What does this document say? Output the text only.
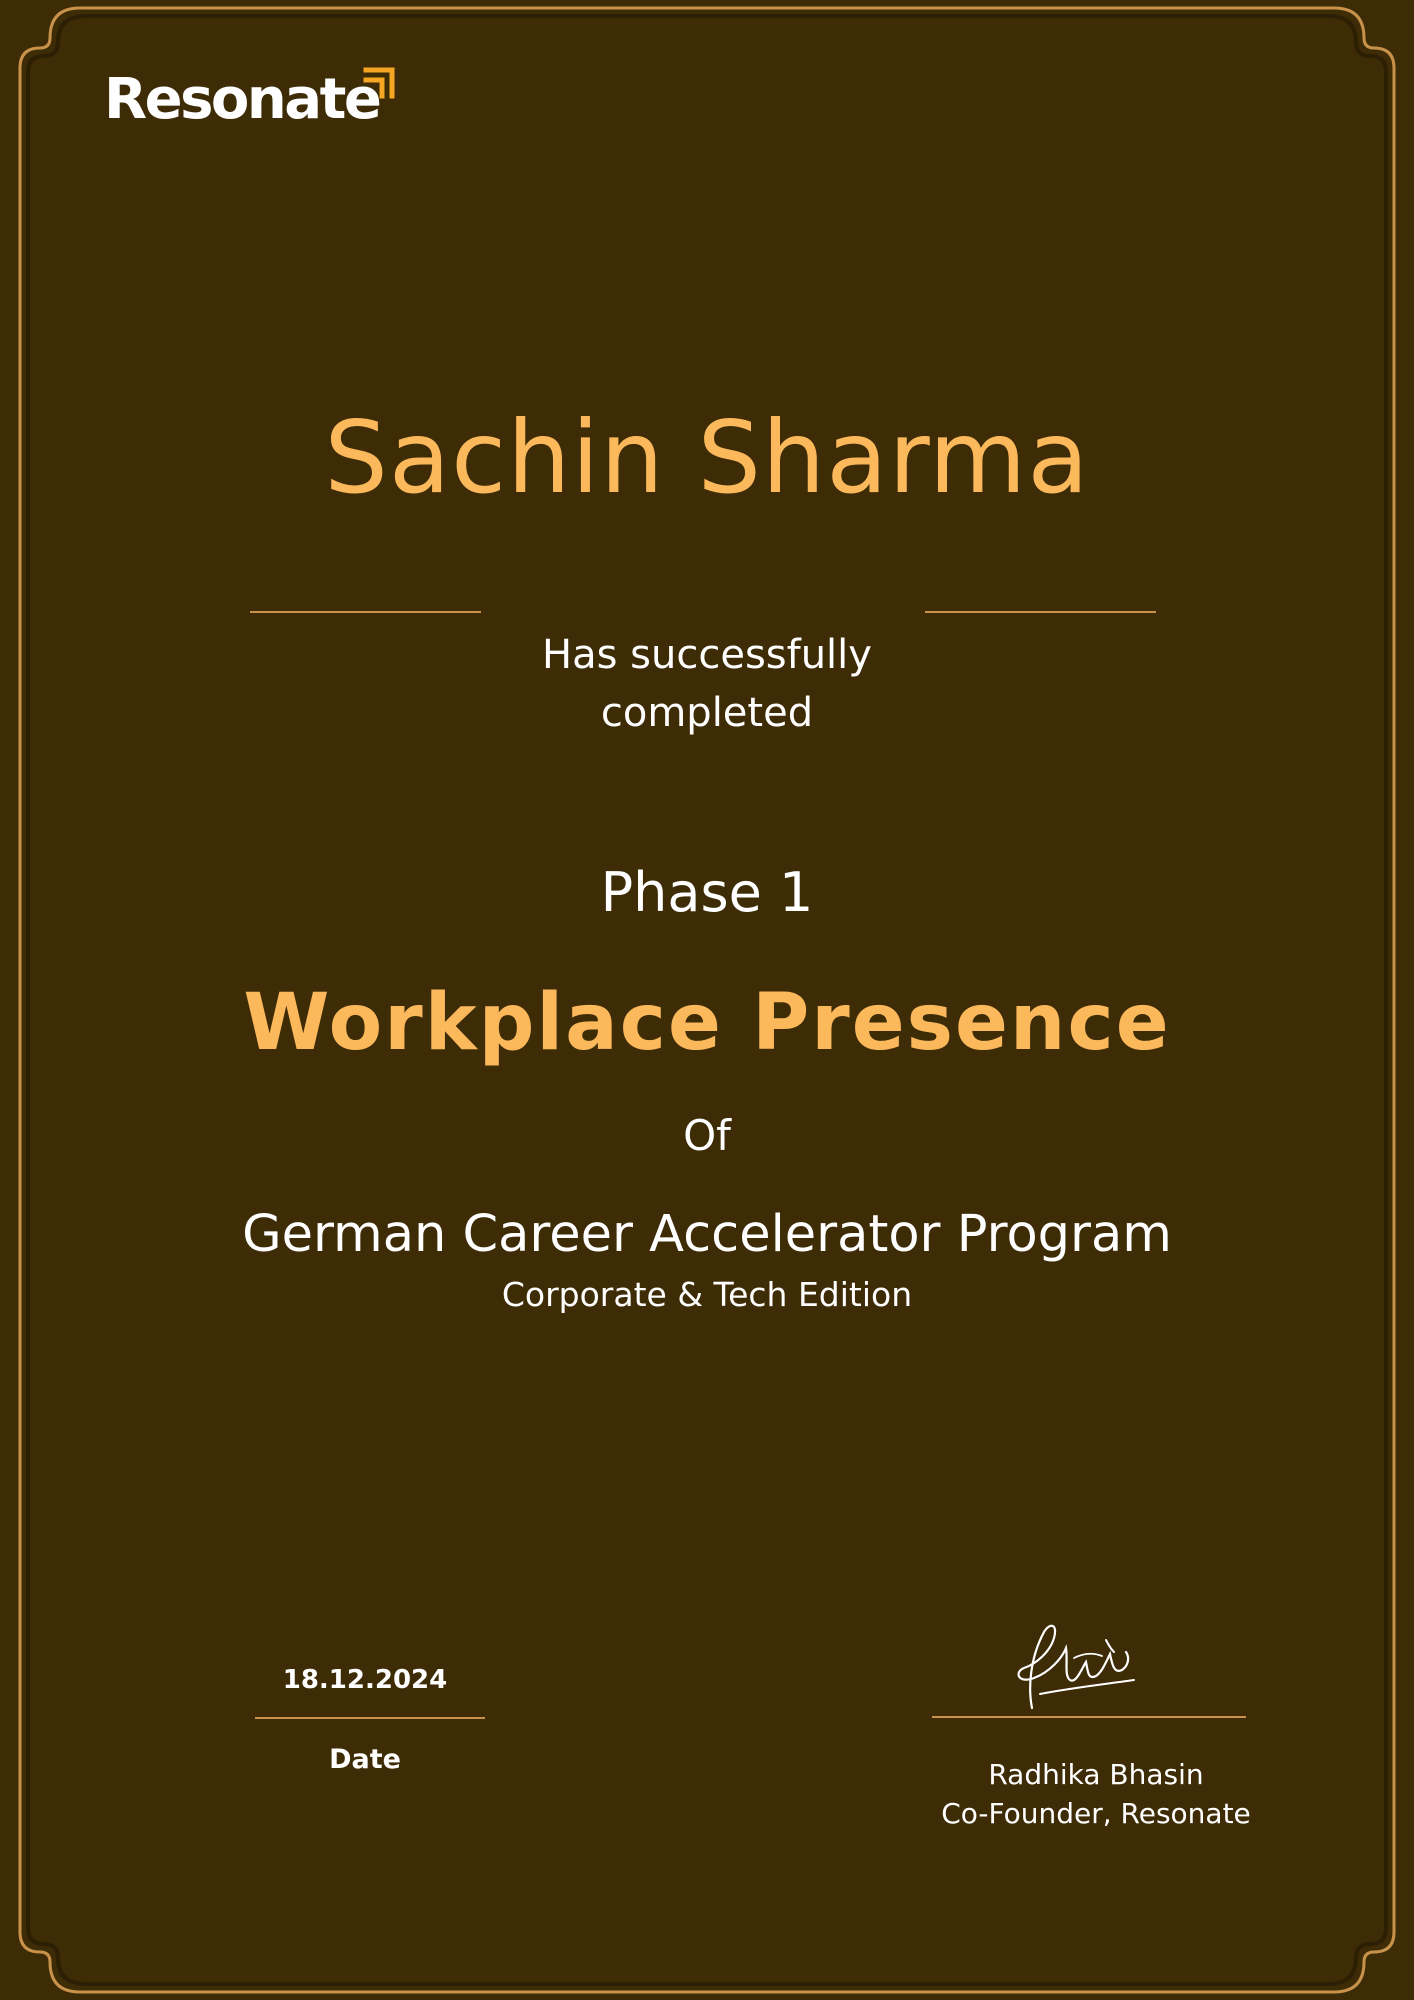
Resonate

Sachin Sharma

Has successfully completed

Phase 1

Workplace Presence

Of

German Career Accelerator Program

Corporate & Tech Edition

18.12.2024
Date	Radhika Bhasin
Co-Founder, Resonate
